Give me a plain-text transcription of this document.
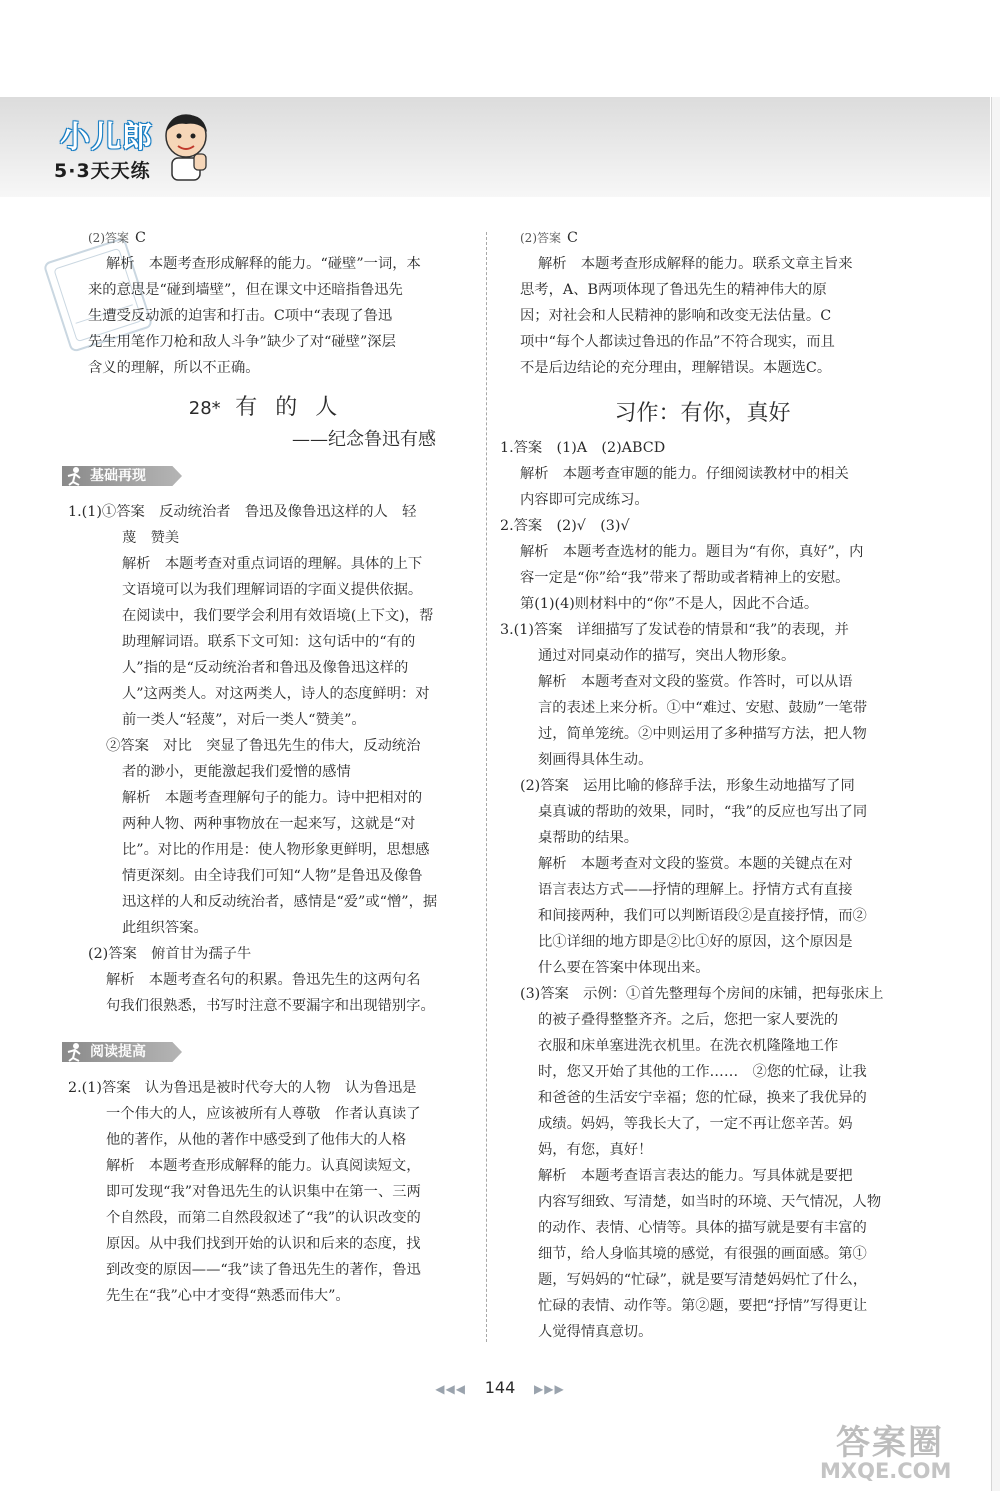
小儿郎
5·3天天练

(2)答案 C

解析　本题考查形成解释的能力。“碰壁”一词，本

来的意思是“碰到墙壁”，但在课文中还暗指鲁迅先

生遭受反动派的迫害和打击。C项中“表现了鲁迅

先生用笔作刀枪和敌人斗争”缺少了对“碰壁”深层

含义的理解，所以不正确。

28* 有的人
——纪念鲁迅有感
基础再现

1.(1)①答案　反动统治者　鲁迅及像鲁迅这样的人　轻

蔑　赞美

解析　本题考查对重点词语的理解。具体的上下

文语境可以为我们理解词语的字面义提供依据。

在阅读中，我们要学会利用有效语境(上下文)，帮

助理解词语。联系下文可知：这句话中的“有的

人”指的是“反动统治者和鲁迅及像鲁迅这样的

人”这两类人。对这两类人，诗人的态度鲜明：对

前一类人“轻蔑”，对后一类人“赞美”。

②答案　对比　突显了鲁迅先生的伟大，反动统治

者的渺小，更能激起我们爱憎的感情

解析　本题考查理解句子的能力。诗中把相对的

两种人物、两种事物放在一起来写，这就是“对

比”。对比的作用是：使人物形象更鲜明，思想感

情更深刻。由全诗我们可知“人物”是鲁迅及像鲁

迅这样的人和反动统治者，感情是“爱”或“憎”，据

此组织答案。

(2)答案　俯首甘为孺子牛

解析　本题考查名句的积累。鲁迅先生的这两句名

句我们很熟悉，书写时注意不要漏字和出现错别字。

阅读提高

2.(1)答案　认为鲁迅是被时代夸大的人物　认为鲁迅是

一个伟大的人，应该被所有人尊敬　作者认真读了

他的著作，从他的著作中感受到了他伟大的人格

解析　本题考查形成解释的能力。认真阅读短文，

即可发现“我”对鲁迅先生的认识集中在第一、三两

个自然段，而第二自然段叙述了“我”的认识改变的

原因。从中我们找到开始的认识和后来的态度，找

到改变的原因——“我”读了鲁迅先生的著作，鲁迅

先生在“我”心中才变得“熟悉而伟大”。

(2)答案 C

解析　本题考查形成解释的能力。联系文章主旨来

思考，A、B两项体现了鲁迅先生的精神伟大的原

因；对社会和人民精神的影响和改变无法估量。C

项中“每个人都读过鲁迅的作品”不符合现实，而且

不是后边结论的充分理由，理解错误。本题选C。

习作：有你，真好

1.答案　(1)A　(2)ABCD

解析　本题考查审题的能力。仔细阅读教材中的相关

内容即可完成练习。

2.答案　(2)√　(3)√

解析　本题考查选材的能力。题目为“有你，真好”，内

容一定是“你”给“我”带来了帮助或者精神上的安慰。

第(1)(4)则材料中的“你”不是人，因此不合适。

3.(1)答案　详细描写了发试卷的情景和“我”的表现，并

通过对同桌动作的描写，突出人物形象。

解析　本题考查对文段的鉴赏。作答时，可以从语

言的表述上来分析。①中“难过、安慰、鼓励”一笔带

过，简单笼统。②中则运用了多种描写方法，把人物

刻画得具体生动。

(2)答案　运用比喻的修辞手法，形象生动地描写了同

桌真诚的帮助的效果，同时，“我”的反应也写出了同

桌帮助的结果。

解析　本题考查对文段的鉴赏。本题的关键点在对

语言表达方式——抒情的理解上。抒情方式有直接

和间接两种，我们可以判断语段②是直接抒情，而②

比①详细的地方即是②比①好的原因，这个原因是

什么要在答案中体现出来。

(3)答案　示例：①首先整理每个房间的床铺，把每张床上

的被子叠得整整齐齐。之后，您把一家人要洗的

衣服和床单塞进洗衣机里。在洗衣机隆隆地工作

时，您又开始了其他的工作……　②您的忙碌，让我

和爸爸的生活安宁幸福；您的忙碌，换来了我优异的

成绩。妈妈，等我长大了，一定不再让您辛苦。妈

妈，有您，真好！

解析　本题考查语言表达的能力。写具体就是要把

内容写细致、写清楚，如当时的环境、天气情况，人物

的动作、表情、心情等。具体的描写就是要有丰富的

细节，给人身临其境的感觉，有很强的画面感。第①

题，写妈妈的“忙碌”，就是要写清楚妈妈忙了什么，

忙碌的表情、动作等。第②题，要把“抒情”写得更让

人觉得情真意切。

◀◀◀ 144 ▶▶▶
答案圈
MXQE.COM
